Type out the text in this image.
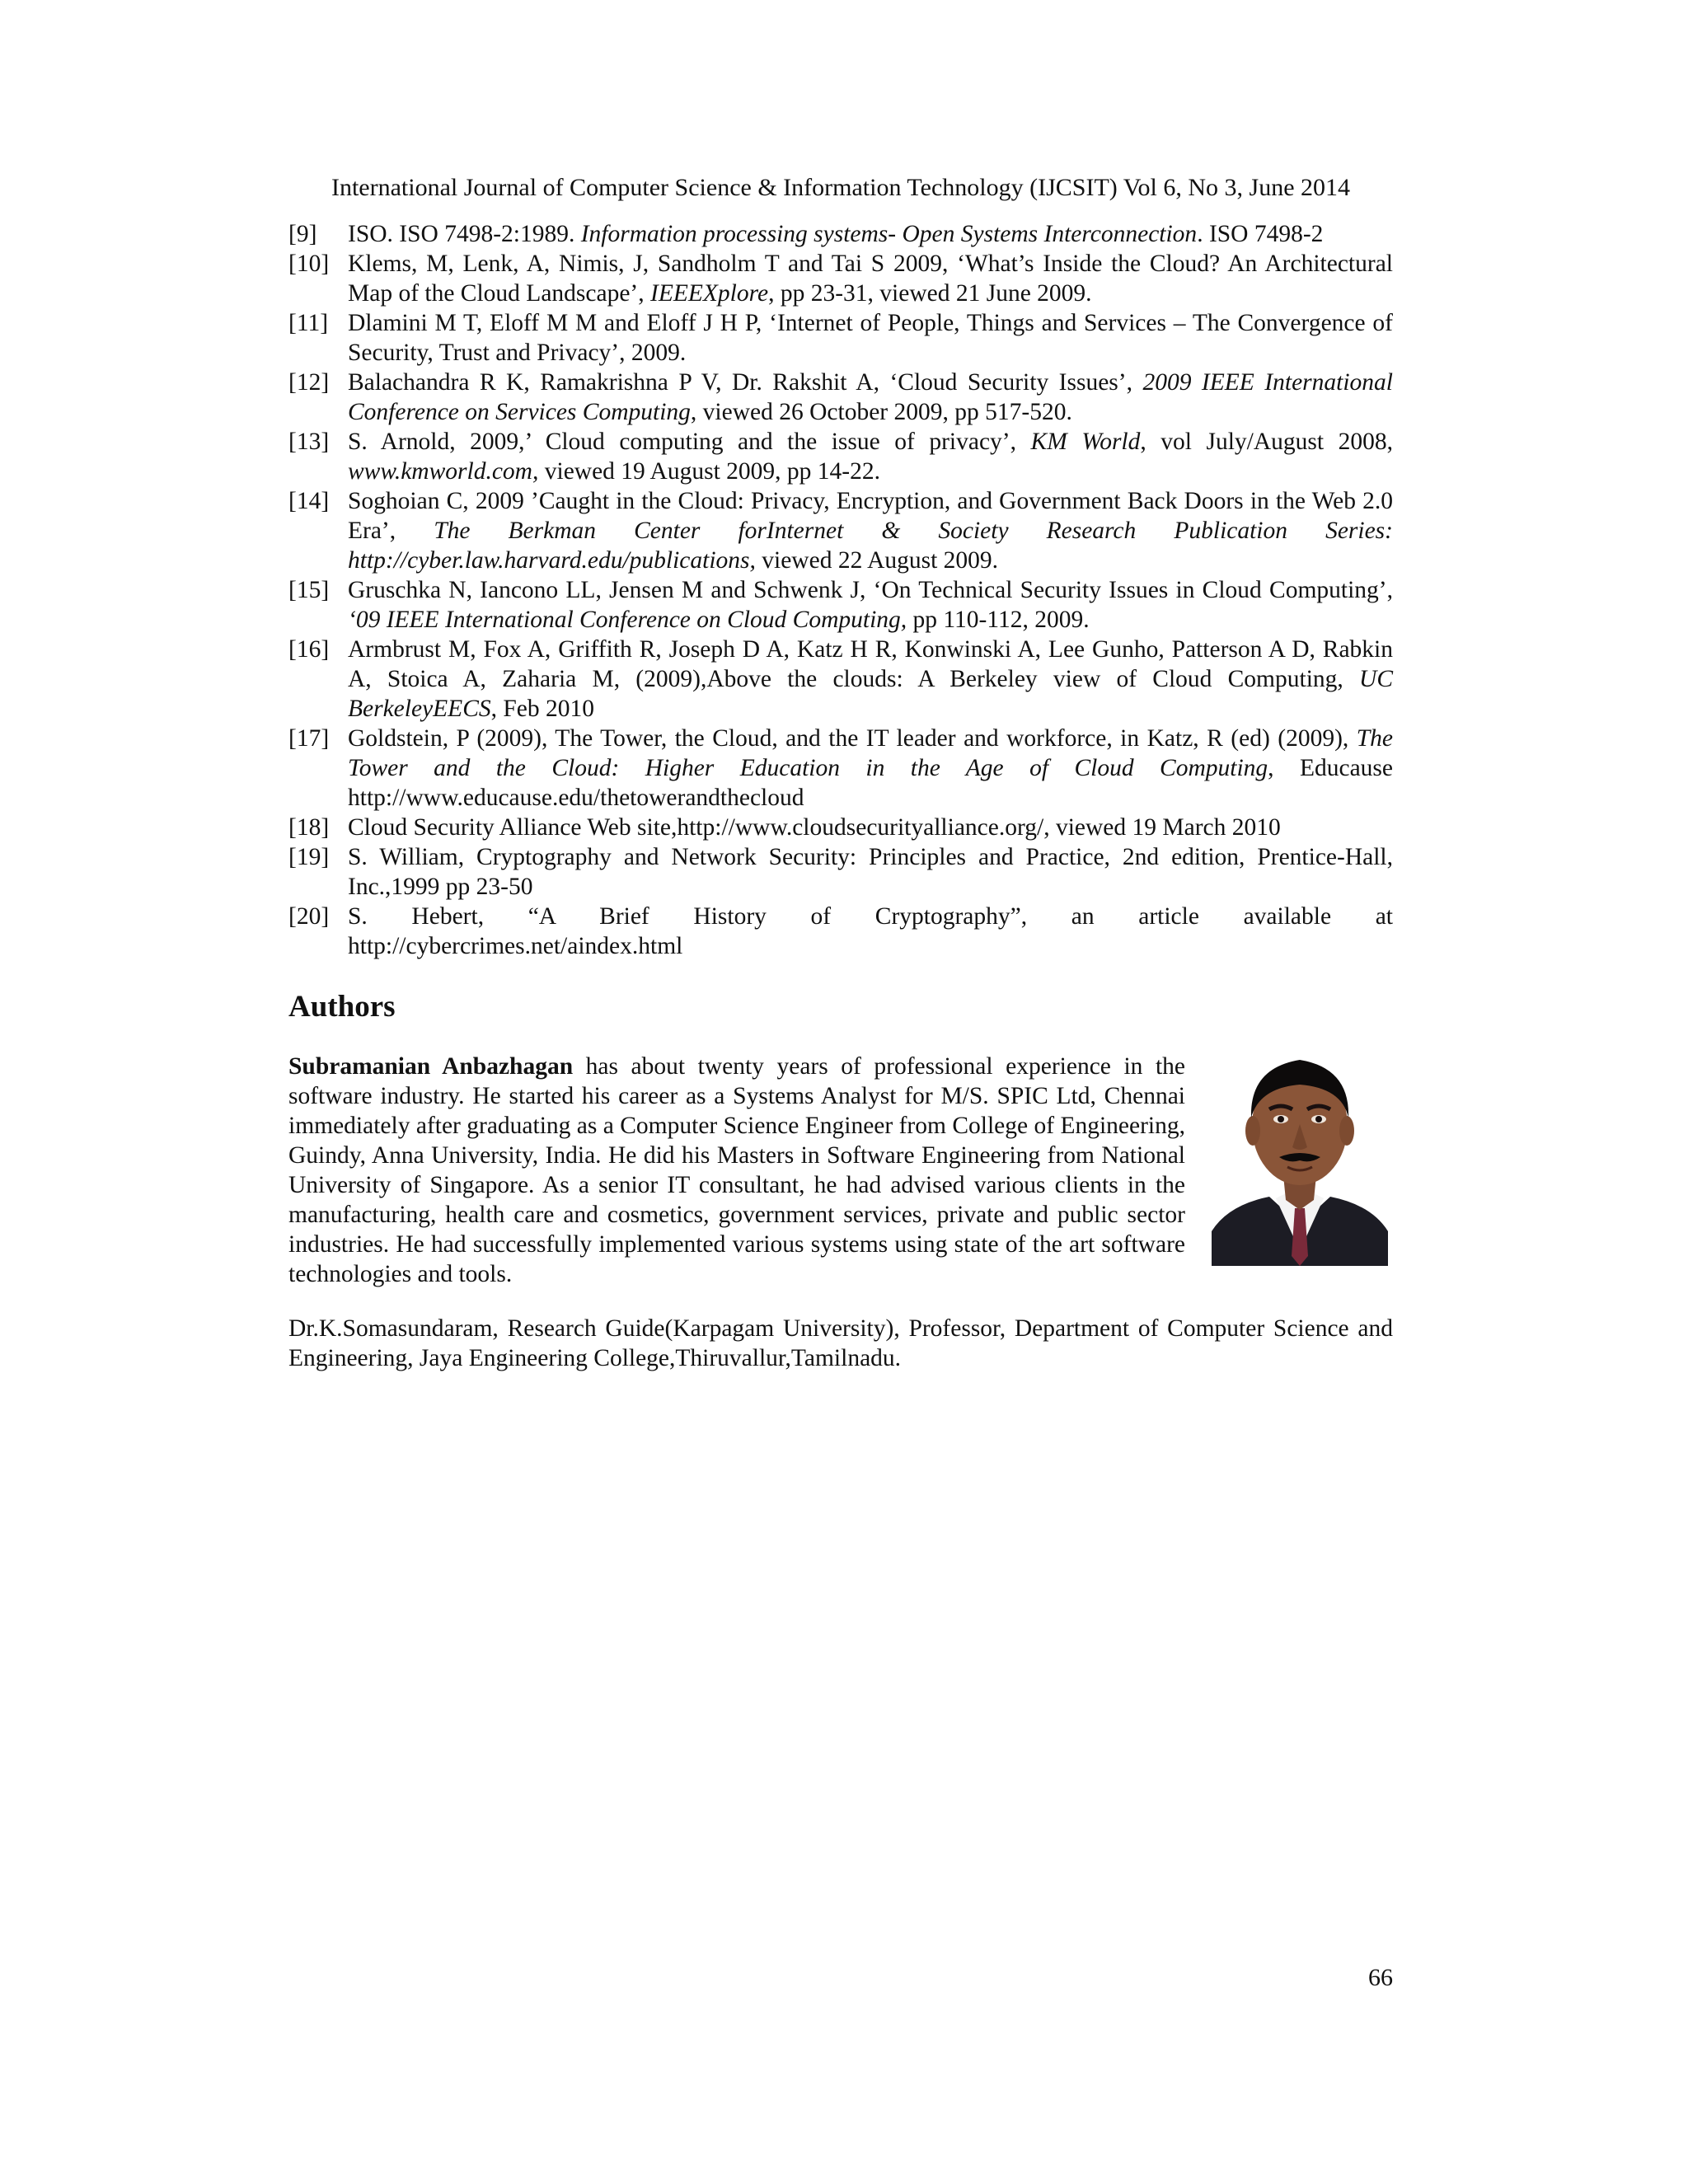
International Journal of Computer Science & Information Technology (IJCSIT) Vol 6, No 3, June 2014
[9]	ISO. ISO 7498-2:1989. Information processing systems- Open Systems Interconnection. ISO 7498-2
[10] Klems, M, Lenk, A, Nimis, J, Sandholm T and Tai S 2009, ‘What’s Inside the Cloud? An Architectural Map of the Cloud Landscape’, IEEEXplore, pp 23-31, viewed 21 June 2009.
[11] Dlamini M T, Eloff M M and Eloff J H P, ‘Internet of People, Things and Services – The Convergence of Security, Trust and Privacy’, 2009.
[12] Balachandra R K, Ramakrishna P V, Dr. Rakshit A, ‘Cloud Security Issues’, 2009 IEEE International Conference on Services Computing, viewed 26 October 2009, pp 517-520.
[13] S. Arnold, 2009,’ Cloud computing and the issue of privacy’, KM World, vol July/August 2008, www.kmworld.com, viewed 19 August 2009, pp 14-22.
[14] Soghoian C, 2009 ’Caught in the Cloud: Privacy, Encryption, and Government Back Doors in the Web 2.0 Era’, The Berkman Center forInternet & Society Research Publication Series: http://cyber.law.harvard.edu/publications, viewed 22 August 2009.
[15] Gruschka N, Iancono LL, Jensen M and Schwenk J, ‘On Technical Security Issues in Cloud Computing’, ‘09 IEEE International Conference on Cloud Computing, pp 110-112, 2009.
[16] Armbrust M, Fox A, Griffith R, Joseph D A, Katz H R, Konwinski A, Lee Gunho, Patterson A D, Rabkin A, Stoica A, Zaharia M, (2009),Above the clouds: A Berkeley view of Cloud Computing, UC BerkeleyEECS, Feb 2010
[17] Goldstein, P (2009), The Tower, the Cloud, and the IT leader and workforce, in Katz, R (ed) (2009), The Tower and the Cloud: Higher Education in the Age of Cloud Computing, Educause http://www.educause.edu/thetowerandthecloud
[18] Cloud Security Alliance Web site,http://www.cloudsecurityalliance.org/, viewed 19 March 2010
[19] S. William, Cryptography and Network Security: Principles and Practice, 2nd edition, Prentice-Hall, Inc.,1999 pp 23-50
[20] S. Hebert, “A Brief History of Cryptography”, an article available at
http://cybercrimes.net/aindex.html
Authors
Subramanian Anbazhagan has about twenty years of professional experience in the software industry. He started his career as a Systems Analyst for M/S. SPIC Ltd, Chennai immediately after graduating as a Computer Science Engineer from College of Engineering, Guindy, Anna University, India. He did his Masters in Software Engineering from National University of Singapore. As a senior IT consultant, he had advised various clients in the manufacturing, health care and cosmetics, government services, private and public sector industries. He had successfully implemented various systems using state of the art software technologies and tools.
Dr.K.Somasundaram, Research Guide(Karpagam University), Professor, Department of Computer Science and Engineering, Jaya Engineering College,Thiruvallur,Tamilnadu.
66
